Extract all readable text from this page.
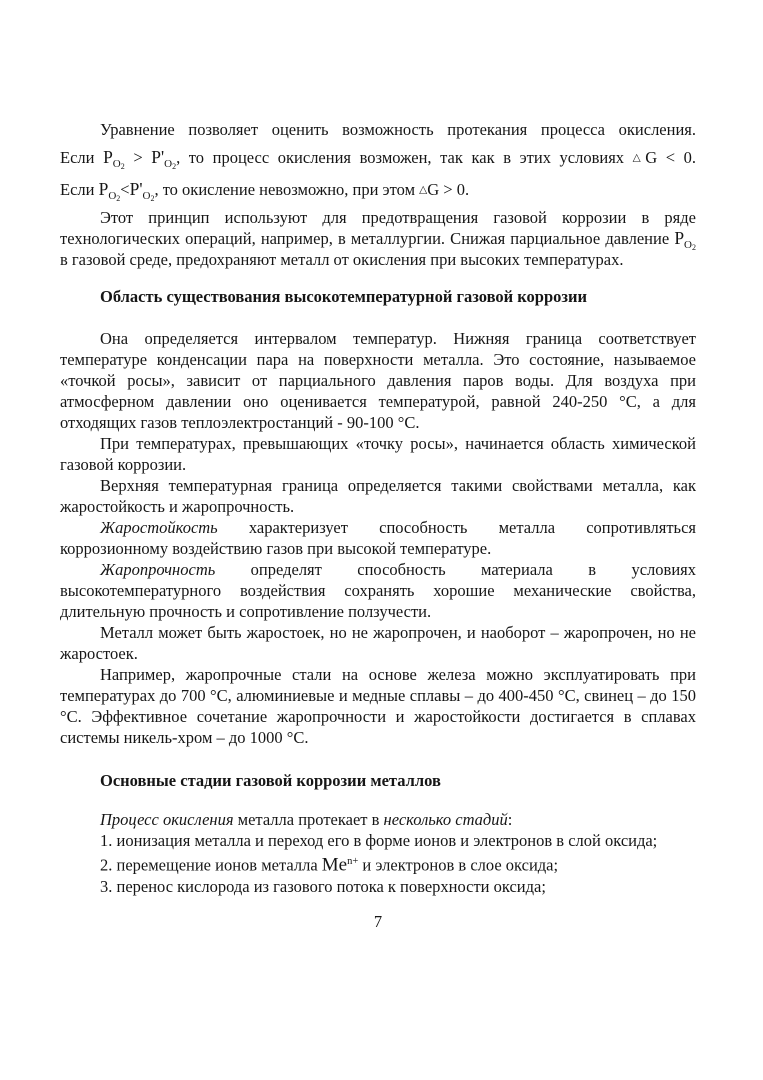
Уравнение позволяет оценить возможность протекания процесса окисления.

Если $P_{O2} > P'_{O2}$, то процесс окисления возможен, так как в этих условиях △G < 0.

Если $P_{O2}<P'_{O2}$, то окисление невозможно, при этом △G > 0.

Этот принцип используют для предотвращения газовой коррозии в ряде технологических операций, например, в металлургии. Снижая парциальное давление $P_{O2}$ в газовой среде, предохраняют металл от окисления при высоких температурах.

Область существования высокотемпературной газовой коррозии

Она определяется интервалом температур. Нижняя граница соответствует температуре конденсации пара на поверхности металла. Это состояние, называемое «точкой росы», зависит от парциального давления паров воды. Для воздуха при атмосферном давлении оно оценивается температурой, равной 240-250 °С, а для отходящих газов теплоэлектростанций - 90-100 °С.

При температурах, превышающих «точку росы», начинается область химической газовой коррозии.

Верхняя температурная граница определяется такими свойствами металла, как жаростойкость и жаропрочность.

Жаростойкость характеризует способность металла сопротивляться коррозионному воздействию газов при высокой температуре.

Жаропрочность определят способность материала в условиях высокотемпературного воздействия сохранять хорошие механические свойства, длительную прочность и сопротивление ползучести.

Металл может быть жаростоек, но не жаропрочен, и наоборот – жаропрочен, но не жаростоек.

Например, жаропрочные стали на основе железа можно эксплуатировать при температурах до 700 °С, алюминиевые и медные сплавы – до 400-450 °С, свинец – до 150 °С. Эффективное сочетание жаропрочности и жаростойкости достигается в сплавах системы никель-хром – до 1000 °С.

Основные стадии газовой коррозии металлов

Процесс окисления металла протекает в несколько стадий:

1. ионизация металла и переход его в форме ионов и электронов в слой оксида;

2. перемещение ионов металла $Me^{n+}$ и электронов в слое оксида;

3. перенос кислорода из газового потока к поверхности оксида;

7
